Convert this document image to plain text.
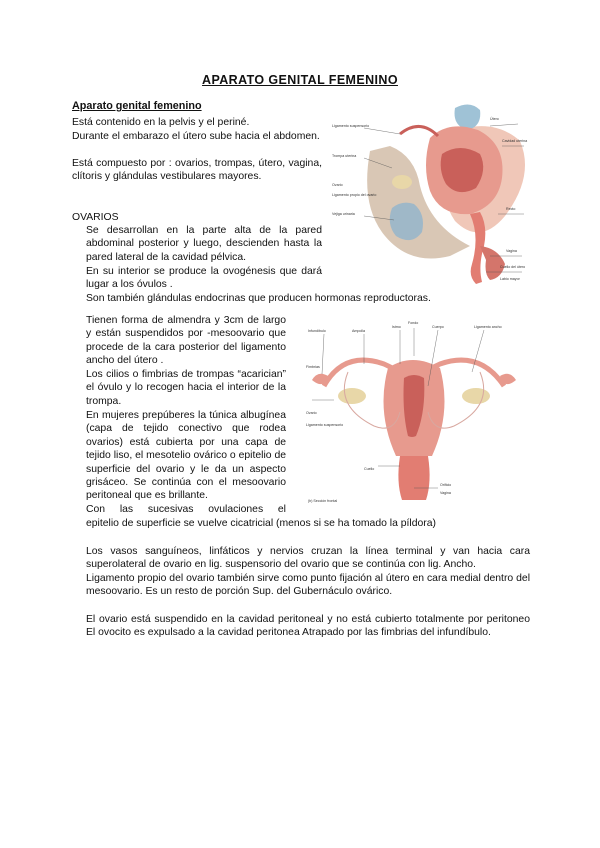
APARATO GENITAL FEMENINO
Aparato genital femenino

Está contenido en la pelvis y el periné.

Durante el embarazo el útero sube hacia el abdomen.

Está compuesto por : ovarios, trompas, útero, vagina, clítoris y glándulas vestibulares mayores.

OVARIOS

Se desarrollan en la parte alta de la pared abdominal posterior y luego, descienden hasta la pared lateral de la cavidad pélvica.

En su interior se produce la ovogénesis que dará lugar a los óvulos .

Son también glándulas endocrinas que producen hormonas reproductoras.

Tienen forma de almendra y 3cm de largo y están suspendidos por -mesoovario que procede de la cara posterior del ligamento ancho del útero .

Los cilios o fimbrias de trompas “acarician” el óvulo y lo recogen hacia el interior de la trompa.

En mujeres prepúberes la túnica albugínea (capa de tejido conectivo que rodea ovarios) está cubierta por una capa de tejido liso, el mesotelio ovárico o epitelio de superficie del ovario y le da un aspecto grisáceo. Se continúa con el mesoovario peritoneal que es brillante.

Con las sucesivas ovulaciones el

epitelio de superficie se vuelve cicatricial (menos si se ha tomado la píldora)

Los vasos sanguíneos, linfáticos y nervios cruzan la línea terminal y van hacia cara superolateral de ovario en lig. suspensorio del ovario que se continúa con lig. Ancho.

Ligamento propio del ovario también sirve como punto fijación al útero en cara medial dentro del mesoovario. Es un resto de porción Sup. del Gubernáculo ovárico.

El ovario está suspendido en la cavidad peritoneal y no está cubierto totalmente por peritoneo El ovocito es expulsado a la cavidad peritonea Atrapado por las fimbrias del infundíbulo.

Ligamento suspensorio
Trompa uterina
Ovario
Ligamento propio del ovario
Vejiga urinaria
Útero
Cavidad uterina
Recto
Vagina
Cuello del útero
Labio mayor
Infundíbulo	Ampolla
Istmo
Fondo
Cuerpo	Ligamento ancho
Fimbrias
Ovario
Ligamento suspensorio
Cuello
Orificio
Vagina
(b) Sección frontal
